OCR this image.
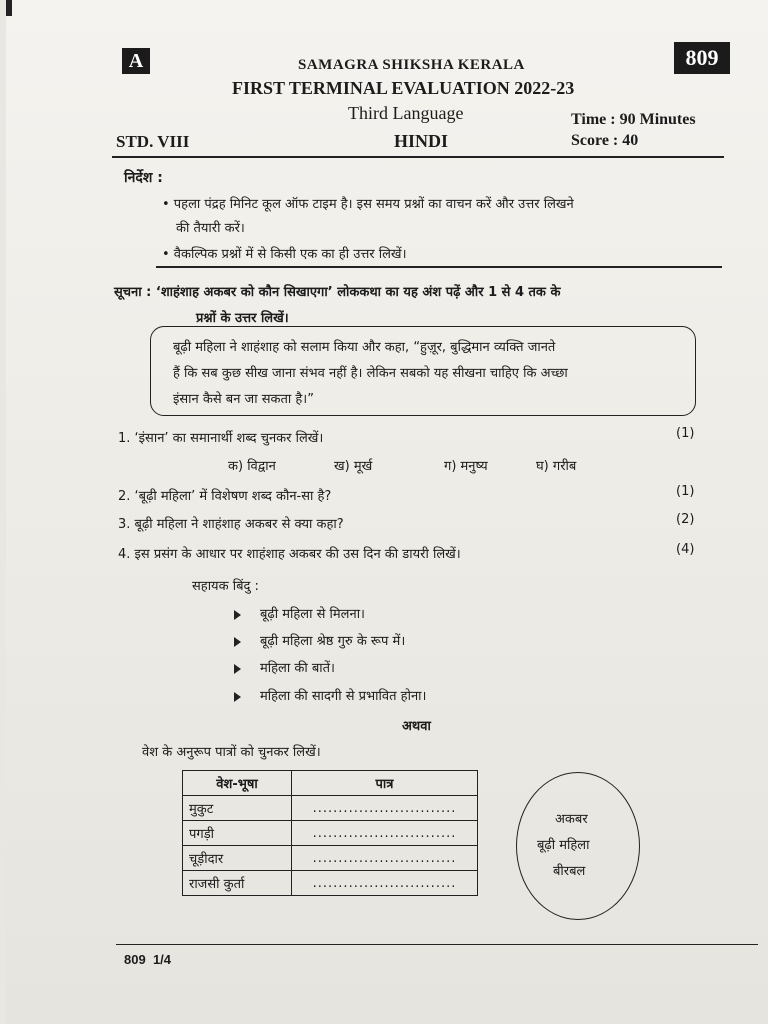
A	809
SAMAGRA SHIKSHA KERALA
FIRST TERMINAL EVALUATION 2022-23
Third Language
STD. VIII	HINDI
Time : 90 Minutes
Score : 40
निर्देश :
• पहला पंद्रह मिनिट कूल ऑफ टाइम है। इस समय प्रश्नों का वाचन करें और उत्तर लिखने
की तैयारी करें।
• वैकल्पिक प्रश्नों में से किसी एक का ही उत्तर लिखें।
सूचना : ‘शाहंशाह अकबर को कौन सिखाएगा’ लोककथा का यह अंश पढ़ें और 1 से 4 तक के
प्रश्नों के उत्तर लिखें।
बूढ़ी महिला ने शाहंशाह को सलाम किया और कहा, “हुज़ूर, बुद्धिमान व्यक्ति जानते
हैं कि सब कुछ सीख जाना संभव नहीं है। लेकिन सबको यह सीखना चाहिए कि अच्छा
इंसान कैसे बन जा सकता है।”
1. ‘इंसान’ का समानार्थी शब्द चुनकर लिखें।	(1)
क) विद्वान	ख) मूर्ख	ग) मनुष्य	घ) गरीब
2. ‘बूढ़ी महिला’ में विशेषण शब्द कौन-सा है?	(1)
3. बूढ़ी महिला ने शाहंशाह अकबर से क्या कहा?	(2)
4. इस प्रसंग के आधार पर शाहंशाह अकबर की उस दिन की डायरी लिखें।	(4)
सहायक बिंदु :
बूढ़ी महिला से मिलना।
बूढ़ी महिला श्रेष्ठ गुरु के रूप में।
महिला की बातें।
महिला की सादगी से प्रभावित होना।
अथवा
वेश के अनुरूप पात्रों को चुनकर लिखें।
वेश-भूषा	पात्र
मुकुट	............................
पगड़ी	............................
चूड़ीदार	............................
राजसी कुर्ता	............................
अकबर
बूढ़ी महिला
बीरबल
809 1/4
